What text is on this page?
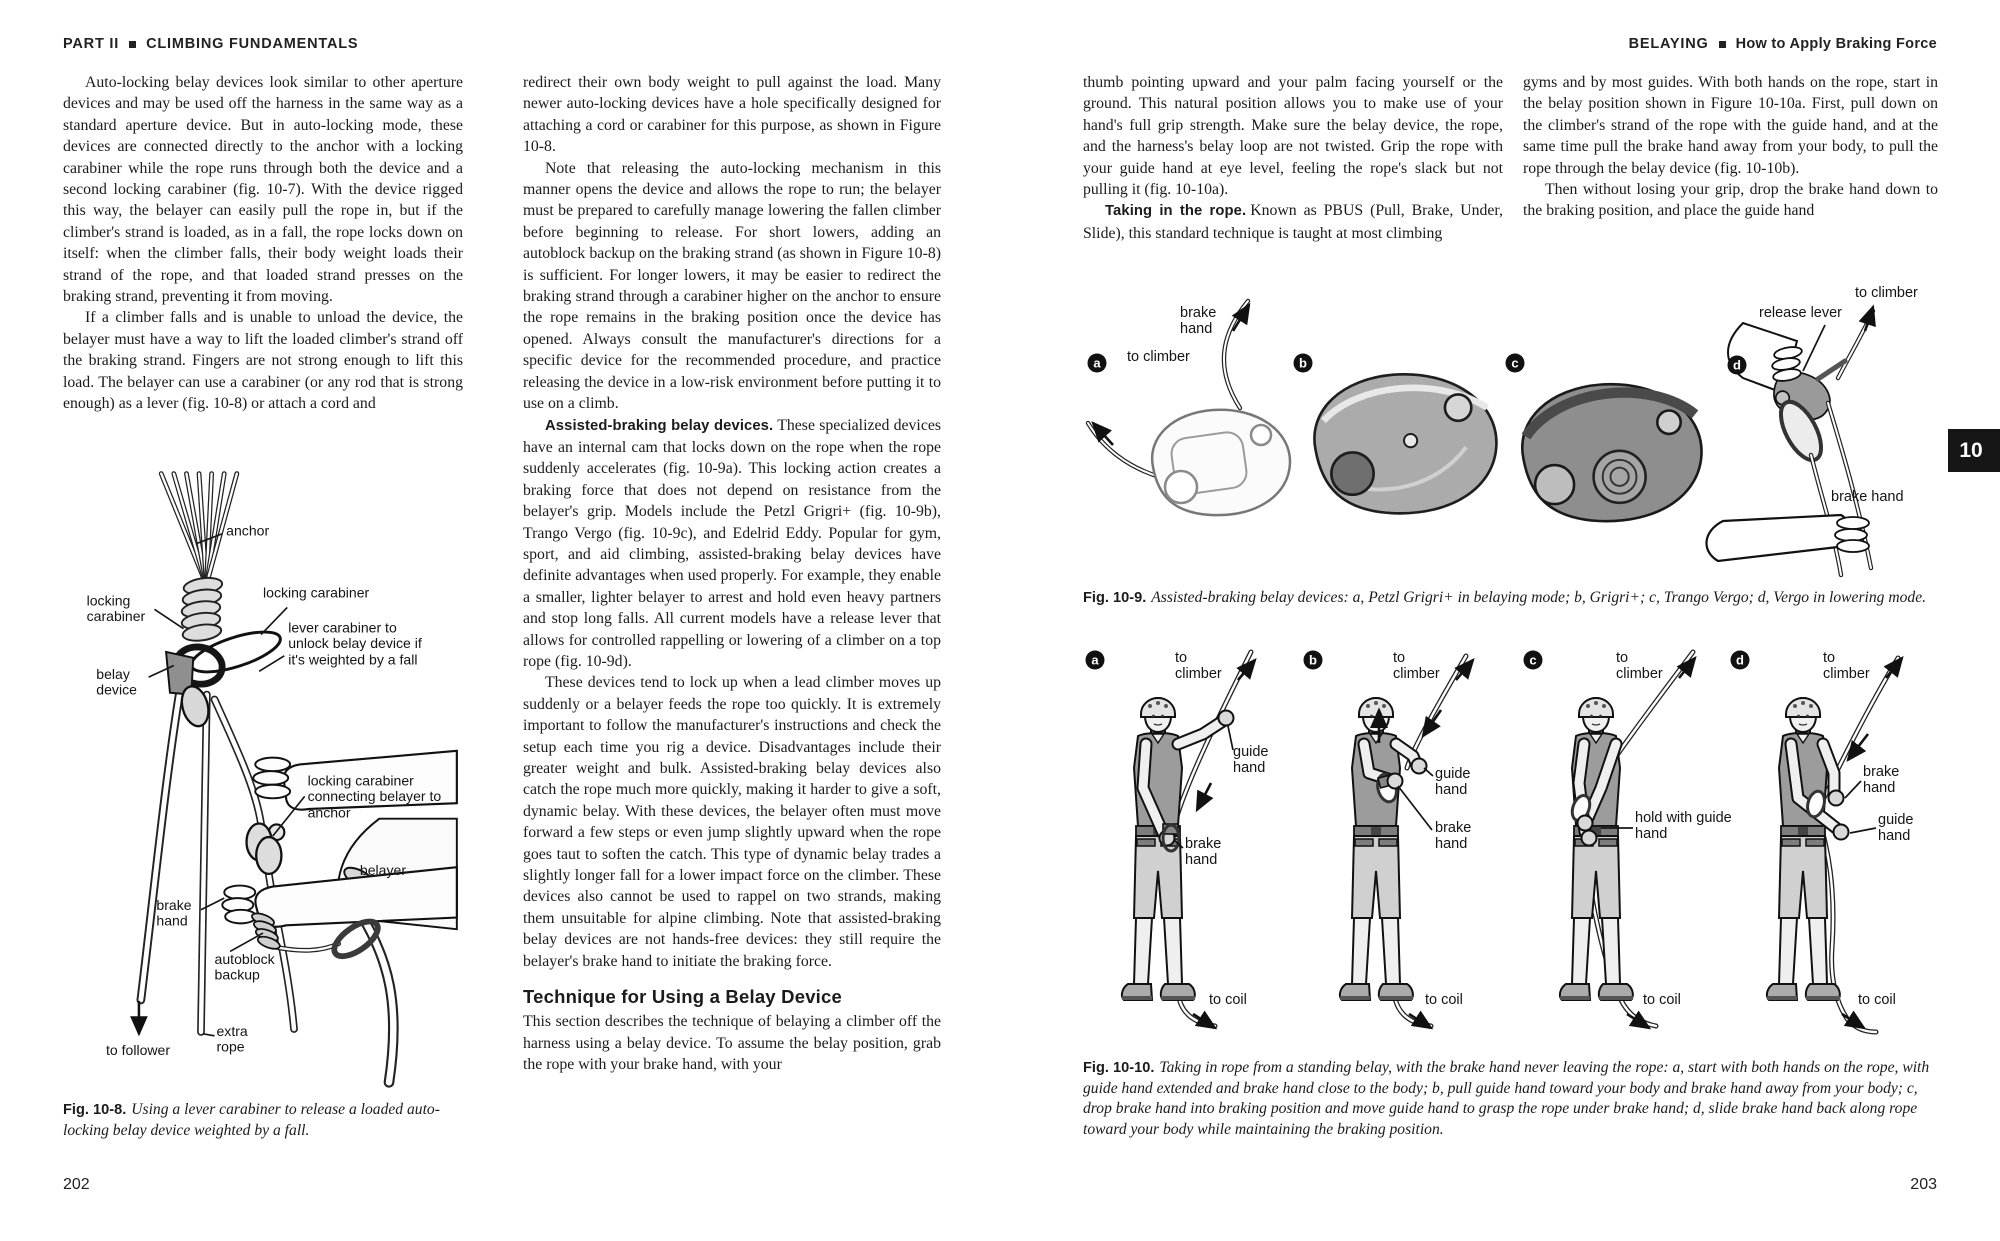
PART II CLIMBING FUNDAMENTALS

Auto-locking belay devices look similar to other aperture devices and may be used off the harness in the same way as a standard aperture device. But in auto-locking mode, these devices are connected directly to the anchor with a locking carabiner while the rope runs through both the device and a second locking carabiner (fig. 10-7). With the device rigged this way, the belayer can easily pull the rope in, but if the climber's strand is loaded, as in a fall, the rope locks down on itself: when the climber falls, their body weight loads their strand of the rope, and that loaded strand presses on the braking strand, preventing it from moving.

If a climber falls and is unable to unload the device, the belayer must have a way to lift the loaded climber's strand off the braking strand. Fingers are not strong enough to lift this load. The belayer can use a carabiner (or any rod that is strong enough) as a lever (fig. 10-8) or attach a cord and

anchor
locking carabiner
locking carabiner
lever carabiner to unlock belay device if it's weighted by a fall
belay device
locking carabiner connecting belayer to anchor
belayer
brake hand
autoblock backup
extra rope
to follower
Fig. 10-8. Using a lever carabiner to release a loaded auto-locking belay device weighted by a fall.

redirect their own body weight to pull against the load. Many newer auto-locking devices have a hole specifically designed for attaching a cord or carabiner for this purpose, as shown in Figure 10-8.

Note that releasing the auto-locking mechanism in this manner opens the device and allows the rope to run; the belayer must be prepared to carefully manage lowering the fallen climber before beginning to release. For short lowers, adding an autoblock backup on the braking strand (as shown in Figure 10-8) is sufficient. For longer lowers, it may be easier to redirect the braking strand through a carabiner higher on the anchor to ensure the rope remains in the braking position once the device has opened. Always consult the manufacturer's directions for a specific device for the recommended procedure, and practice releasing the device in a low-risk environment before putting it to use on a climb.

Assisted-braking belay devices. These specialized devices have an internal cam that locks down on the rope when the rope suddenly accelerates (fig. 10-9a). This locking action creates a braking force that does not depend on resistance from the belayer's grip. Models include the Petzl Grigri+ (fig. 10-9b), Trango Vergo (fig. 10-9c), and Edelrid Eddy. Popular for gym, sport, and aid climbing, assisted-braking belay devices have definite advantages when used properly. For example, they enable a smaller, lighter belayer to arrest and hold even heavy partners and stop long falls. All current models have a release lever that allows for controlled rappelling or lowering of a climber on a top rope (fig. 10-9d).

These devices tend to lock up when a lead climber moves up suddenly or a belayer feeds the rope too quickly. It is extremely important to follow the manufacturer's instructions and check the setup each time you rig a device. Disadvantages include their greater weight and bulk. Assisted-braking belay devices also catch the rope much more quickly, making it harder to give a soft, dynamic belay. With these devices, the belayer often must move forward a few steps or even jump slightly upward when the rope goes taut to soften the catch. This type of dynamic belay trades a slightly longer fall for a lower impact force on the climber. These devices also cannot be used to rappel on two strands, making them unsuitable for alpine climbing. Note that assisted-braking belay devices are not hands-free devices: they still require the belayer's brake hand to initiate the braking force.

Technique for Using a Belay Device

This section describes the technique of belaying a climber off the harness using a belay device. To assume the belay position, grab the rope with your brake hand, with your

202
BELAYING How to Apply Braking Force

thumb pointing upward and your palm facing yourself or the ground. This natural position allows you to make use of your hand's full grip strength. Make sure the belay device, the rope, and the harness's belay loop are not twisted. Grip the rope with your guide hand at eye level, feeling the rope's slack but not pulling it (fig. 10-10a).

Taking in the rope. Known as PBUS (Pull, Brake, Under, Slide), this standard technique is taught at most climbing

gyms and by most guides. With both hands on the rope, start in the belay position shown in Figure 10-10a. First, pull down on the climber's strand of the rope with the guide hand, and at the same time pull the brake hand away from your body, to pull the rope through the belay device (fig. 10-10b).

Then without losing your grip, drop the brake hand down to the braking position, and place the guide hand

a	b	c	d
to climber
brake hand
release lever
to climber
brake hand
Fig. 10-9. Assisted-braking belay devices: a, Petzl Grigri+ in belaying mode; b, Grigri+; c, Trango Vergo; d, Vergo in lowering mode.
10
a	to climber
guide hand
brake hand
to coil
b	to climber
guide hand
brake hand
to coil
c	to climber
hold with guide hand
to coil
d	to climber
brake hand
guide hand
to coil
Fig. 10-10. Taking in rope from a standing belay, with the brake hand never leaving the rope: a, start with both hands on the rope, with guide hand extended and brake hand close to the body; b, pull guide hand toward your body and brake hand away from your body; c, drop brake hand into braking position and move guide hand to grasp the rope under brake hand; d, slide brake hand back along rope toward your body while maintaining the braking position.
203
